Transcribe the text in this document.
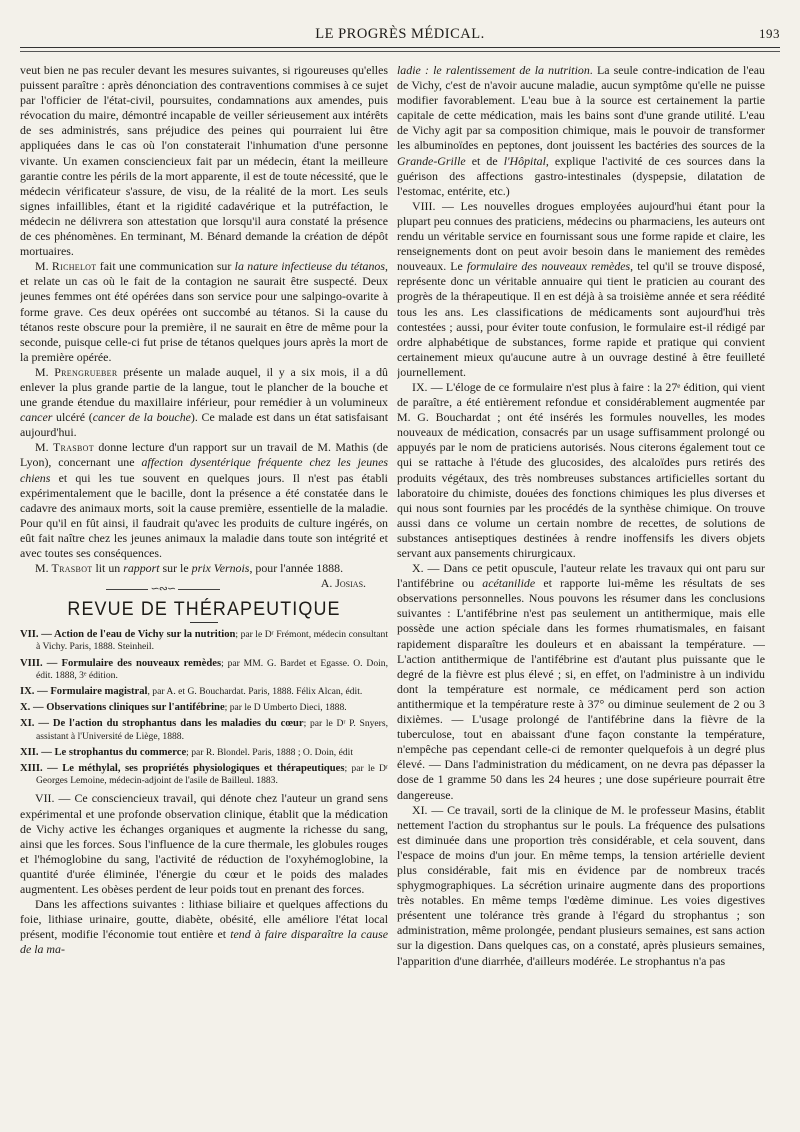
LE PROGRÈS MÉDICAL.	193

veut bien ne pas reculer devant les mesures suivantes, si rigoureuses qu'elles puissent paraître : après dénonciation des contraventions commises à ce sujet par l'officier de l'état-civil, poursuites, condamnations aux amendes, puis révocation du maire, démontré incapable de veiller sérieusement aux intérêts de ses administrés, sans préjudice des peines qui pourraient lui être appliquées dans le cas où l'on constaterait l'inhumation d'une personne vivante. Un examen consciencieux fait par un médecin, étant la meilleure garantie contre les périls de la mort apparente, il est de toute nécessité, que le médecin vérificateur s'assure, de visu, de la réalité de la mort. Les seuls signes infaillibles, étant et la rigidité cadavérique et la putréfaction, le médecin ne délivrera son attestation que lorsqu'il aura constaté la présence de ces phénomènes. En terminant, M. Bénard demande la création de dépôt mortuaires.

M. Richelot fait une communication sur la nature infectieuse du tétanos, et relate un cas où le fait de la contagion ne saurait être suspecté. Deux jeunes femmes ont été opérées dans son service pour une salpingo-ovarite à forme grave. Ces deux opérées ont succombé au tétanos. Si la cause du tétanos reste obscure pour la première, il ne saurait en être de même pour la seconde, puisque celle-ci fut prise de tétanos quelques jours après la mort de la première opérée.

M. Prengrueber présente un malade auquel, il y a six mois, il a dû enlever la plus grande partie de la langue, tout le plancher de la bouche et une grande étendue du maxillaire inférieur, pour remédier à un volumineux cancer ulcéré (cancer de la bouche). Ce malade est dans un état satisfaisant aujourd'hui.

M. Trasbot donne lecture d'un rapport sur un travail de M. Mathis (de Lyon), concernant une affection dysentérique fréquente chez les jeunes chiens et qui les tue souvent en quelques jours. Il n'est pas établi expérimentalement que le bacille, dont la présence a été constatée dans le cadavre des animaux morts, soit la cause première, essentielle de la maladie. Pour qu'il en fût ainsi, il faudrait qu'avec les produits de culture ingérés, on eût fait naître chez les jeunes animaux la maladie dans toute son intégrité et avec toutes ses conséquences.

M. Trasbot lit un rapport sur le prix Vernois, pour l'année 1888.
A. Josias.

∽∾∽
REVUE DE THÉRAPEUTIQUE
VII. — Action de l'eau de Vichy sur la nutrition; par le Dʳ Frémont, médecin consultant à Vichy. Paris, 1888. Steinheil.
VIII. — Formulaire des nouveaux remèdes; par MM. G. Bardet et Egasse. O. Doin, édit. 1888, 3ᵉ édition.
IX. — Formulaire magistral, par A. et G. Bouchardat. Paris, 1888. Félix Alcan, édit.
X. — Observations cliniques sur l'antifébrine; par le D Umberto Dieci, 1888.
XI. — De l'action du strophantus dans les maladies du cœur; par le Dʳ P. Snyers, assistant à l'Université de Liège, 1888.
XII. — Le strophantus du commerce; par R. Blondel. Paris, 1888 ; O. Doin, édit
XIII. — Le méthylal, ses propriétés physiologiques et thérapeutiques; par le Dʳ Georges Lemoine, médecin-adjoint de l'asile de Bailleul. 1883.

VII. — Ce consciencieux travail, qui dénote chez l'auteur un grand sens expérimental et une profonde observation clinique, établit que la médication de Vichy active les échanges organiques et augmente la richesse du sang, ainsi que les forces. Sous l'influence de la cure thermale, les globules rouges et l'hémoglobine du sang, l'activité de réduction de l'oxyhémoglobine, la quantité d'urée éliminée, l'énergie du cœur et le poids des malades augmentent. Les obèses perdent de leur poids tout en prenant des forces.

Dans les affections suivantes : lithiase biliaire et quelques affections du foie, lithiase urinaire, goutte, diabète, obésité, elle améliore l'état local présent, modifie l'économie tout entière et tend à faire disparaître la cause de la ma-

ladie : le ralentissement de la nutrition. La seule contre-indication de l'eau de Vichy, c'est de n'avoir aucune maladie, aucun symptôme qu'elle ne puisse modifier favorablement. L'eau bue à la source est certainement la partie capitale de cette médication, mais les bains sont d'une grande utilité. L'eau de Vichy agit par sa composition chimique, mais le pouvoir de transformer les albuminoïdes en peptones, dont jouissent les bactéries des sources de la Grande-Grille et de l'Hôpital, explique l'activité de ces sources dans la guérison des affections gastro-intestinales (dyspepsie, dilatation de l'estomac, entérite, etc.)

VIII. — Les nouvelles drogues employées aujourd'hui étant pour la plupart peu connues des praticiens, médecins ou pharmaciens, les auteurs ont rendu un véritable service en fournissant sous une forme rapide et claire, les renseignements dont on peut avoir besoin dans le maniement des remèdes nouveaux. Le formulaire des nouveaux remèdes, tel qu'il se trouve disposé, représente donc un véritable annuaire qui tient le praticien au courant des progrès de la thérapeutique. Il en est déjà à sa troisième année et sera réédité tous les ans. Les classifications de médicaments sont aujourd'hui très contestées ; aussi, pour éviter toute confusion, le formulaire est-il rédigé par ordre alphabétique de substances, forme rapide et pratique qui convient certainement mieux qu'aucune autre à un ouvrage destiné à être feuilleté journellement.

IX. — L'éloge de ce formulaire n'est plus à faire : la 27ᵉ édition, qui vient de paraître, a été entièrement refondue et considérablement augmentée par M. G. Bouchardat ; ont été insérés les formules nouvelles, les modes nouveaux de médication, consacrés par un usage suffisamment prolongé ou appuyés par le nom de praticiens autorisés. Nous citerons également tout ce qui se rattache à l'étude des glucosides, des alcaloïdes purs retirés des produits végétaux, des très nombreuses substances artificielles sortant du laboratoire du chimiste, douées des fonctions chimiques les plus diverses et qui nous sont fournies par les procédés de la synthèse chimique. On trouve aussi dans ce volume un certain nombre de recettes, de solutions de substances antiseptiques destinées à rendre inoffensifs les divers objets servant aux pansements chirurgicaux.

X. — Dans ce petit opuscule, l'auteur relate les travaux qui ont paru sur l'antifébrine ou acétanilide et rapporte lui-même les résultats de ses observations personnelles. Nous pouvons les résumer dans les conclusions suivantes : L'antifébrine n'est pas seulement un antithermique, mais elle possède une action spéciale dans les formes rhumatismales, en faisant rapidement disparaître les douleurs et en abaissant la température. — L'action antithermique de l'antifébrine est d'autant plus puissante que le degré de la fièvre est plus élevé ; si, en effet, on l'administre à un individu dont la température est normale, ce médicament perd son action antithermique et la température reste à 37° ou diminue seulement de 2 ou 3 dixièmes. — L'usage prolongé de l'antifébrine dans la fièvre de la tuberculose, tout en abaissant d'une façon constante la température, n'empêche pas cependant celle-ci de remonter quelquefois à un degré plus élevé. — Dans l'administration du médicament, on ne devra pas dépasser la dose de 1 gramme 50 dans les 24 heures ; une dose supérieure pourrait être dangereuse.

XI. — Ce travail, sorti de la clinique de M. le professeur Masins, établit nettement l'action du strophantus sur le pouls. La fréquence des pulsations est diminuée dans une proportion très considérable, et cela souvent, dans l'espace de moins d'un jour. En même temps, la tension artérielle devient plus considérable, fait mis en évidence par de nombreux tracés sphygmographiques. La sécrétion urinaire augmente dans des proportions très notables. En même temps l'œdème diminue. Les voies digestives présentent une tolérance très grande à l'égard du strophantus ; son administration, même prolongée, pendant plusieurs semaines, est sans action sur la digestion. Dans quelques cas, on a constaté, après plusieurs semaines, l'apparition d'une diarrhée, d'ailleurs modérée. Le strophantus n'a pas
